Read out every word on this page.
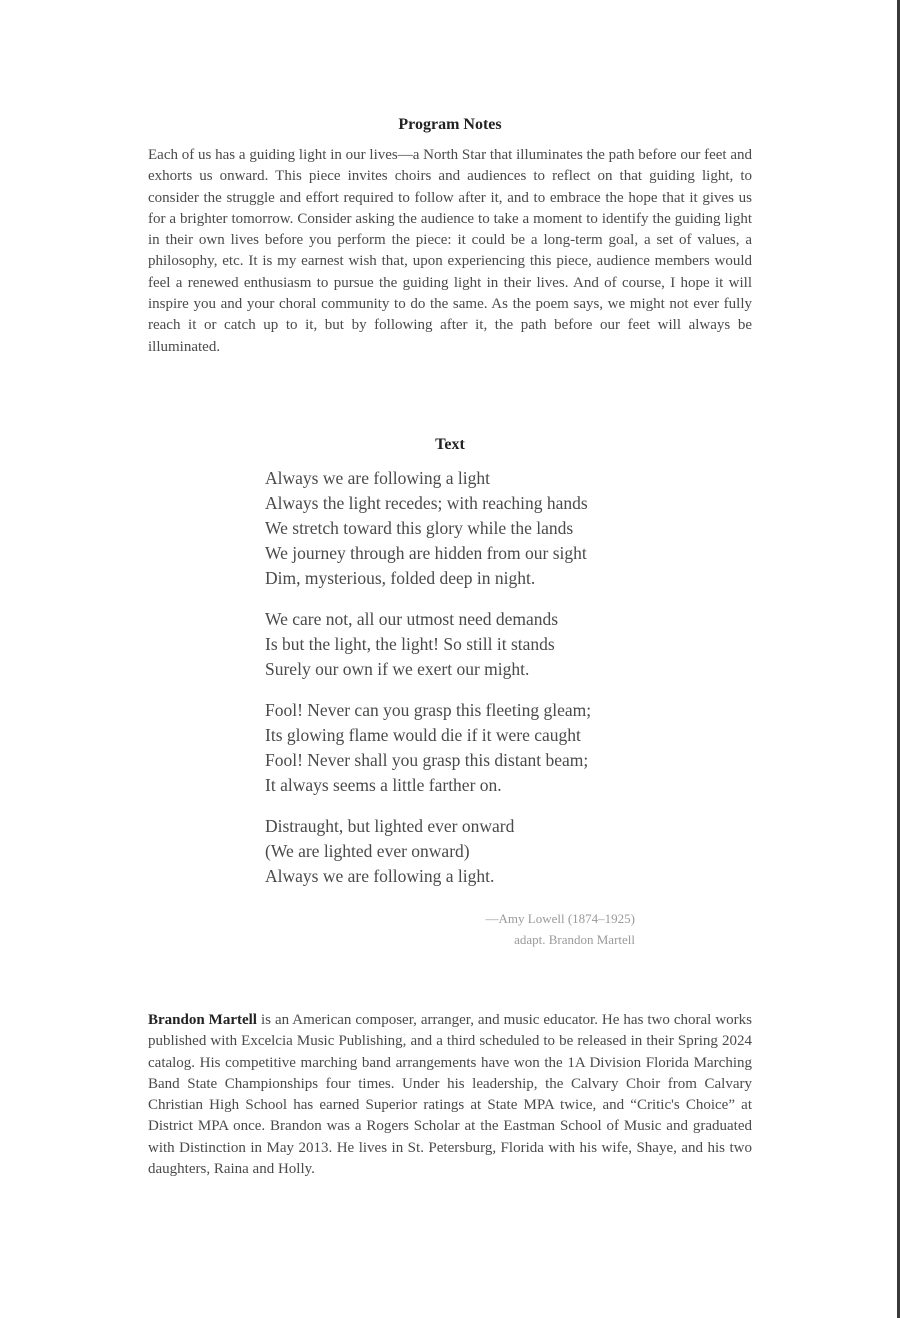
Program Notes
Each of us has a guiding light in our lives—a North Star that illuminates the path before our feet and exhorts us onward. This piece invites choirs and audiences to reflect on that guiding light, to consider the struggle and effort required to follow after it, and to embrace the hope that it gives us for a brighter tomorrow. Consider asking the audience to take a moment to identify the guiding light in their own lives before you perform the piece: it could be a long-term goal, a set of values, a philosophy, etc. It is my earnest wish that, upon experiencing this piece, audience members would feel a renewed enthusiasm to pursue the guiding light in their lives. And of course, I hope it will inspire you and your choral community to do the same. As the poem says, we might not ever fully reach it or catch up to it, but by following after it, the path before our feet will always be illuminated.
Text
Always we are following a light
Always the light recedes; with reaching hands
We stretch toward this glory while the lands
We journey through are hidden from our sight
Dim, mysterious, folded deep in night.
We care not, all our utmost need demands
Is but the light, the light! So still it stands
Surely our own if we exert our might.
Fool! Never can you grasp this fleeting gleam;
Its glowing flame would die if it were caught
Fool! Never shall you grasp this distant beam;
It always seems a little farther on.
Distraught, but lighted ever onward
(We are lighted ever onward)
Always we are following a light.
—Amy Lowell (1874–1925)
adapt. Brandon Martell
Brandon Martell is an American composer, arranger, and music educator. He has two choral works published with Excelcia Music Publishing, and a third scheduled to be released in their Spring 2024 catalog. His competitive marching band arrangements have won the 1A Division Florida Marching Band State Championships four times. Under his leadership, the Calvary Choir from Calvary Christian High School has earned Superior ratings at State MPA twice, and “Critic's Choice” at District MPA once. Brandon was a Rogers Scholar at the Eastman School of Music and graduated with Distinction in May 2013. He lives in St. Petersburg, Florida with his wife, Shaye, and his two daughters, Raina and Holly.
